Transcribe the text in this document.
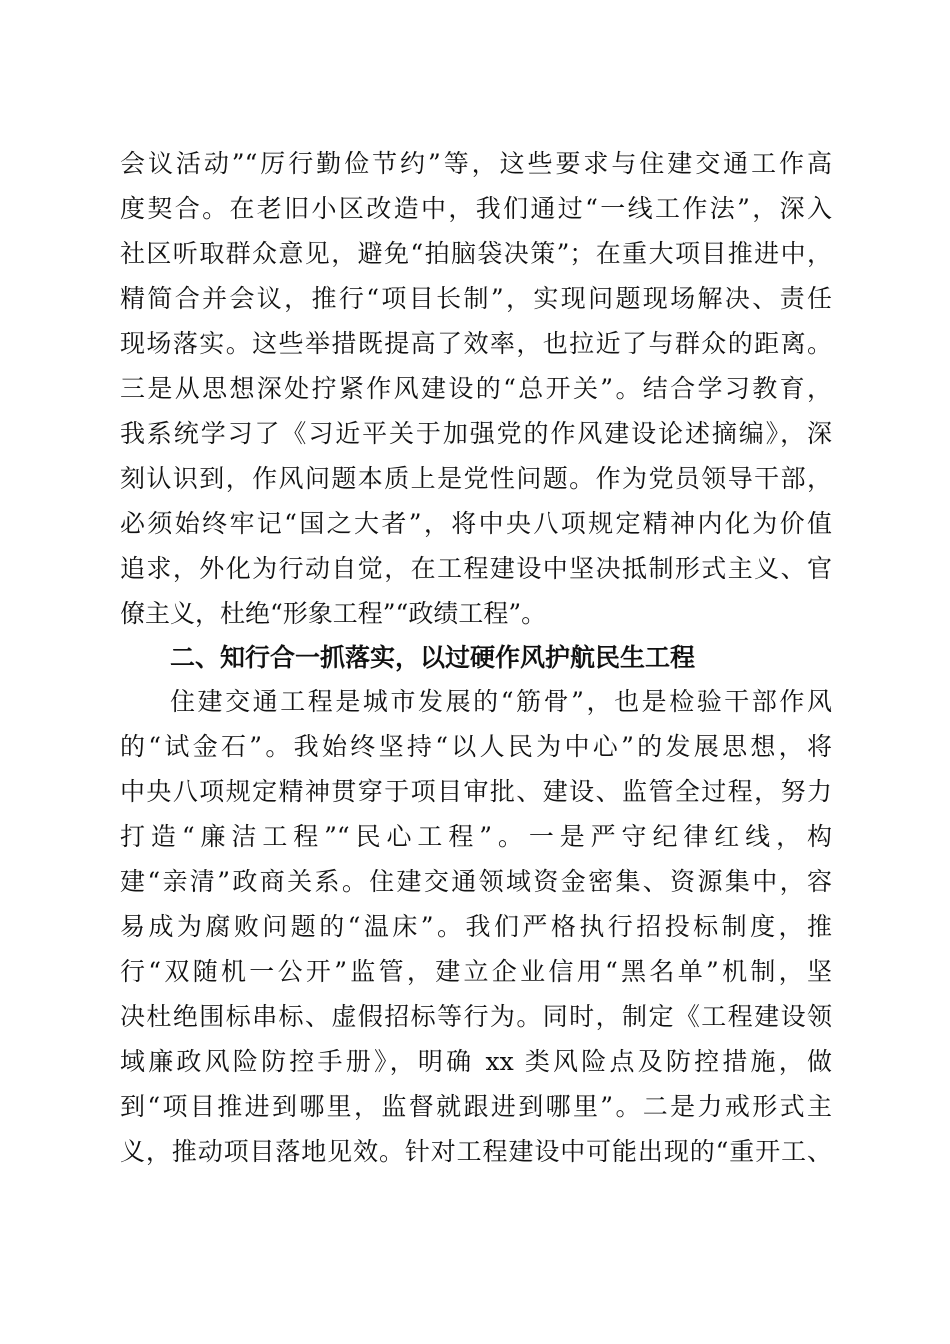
会议活动”“厉行勤俭节约”等，这些要求与住建交通工作高
度契合。在老旧小区改造中，我们通过“一线工作法”，深入
社区听取群众意见，避免“拍脑袋决策”；在重大项目推进中，
精简合并会议，推行“项目长制”，实现问题现场解决、责任
现场落实。这些举措既提高了效率，也拉近了与群众的距离。
三是从思想深处拧紧作风建设的“总开关”。结合学习教育，
我系统学习了《习近平关于加强党的作风建设论述摘编》，深
刻认识到，作风问题本质上是党性问题。作为党员领导干部，
必须始终牢记“国之大者”，将中央八项规定精神内化为价值
追求，外化为行动自觉，在工程建设中坚决抵制形式主义、官
僚主义，杜绝“形象工程”“政绩工程”。
二、知行合一抓落实，以过硬作风护航民生工程
住建交通工程是城市发展的“筋骨”，也是检验干部作风
的“试金石”。我始终坚持“以人民为中心”的发展思想，将
中央八项规定精神贯穿于项目审批、建设、监管全过程，努力
打造“廉洁工程”“民心工程”。一是严守纪律红线，构
建“亲清”政商关系。住建交通领域资金密集、资源集中，容
易成为腐败问题的“温床”。我们严格执行招投标制度，推
行“双随机一公开”监管，建立企业信用“黑名单”机制，坚
决杜绝围标串标、虚假招标等行为。同时，制定《工程建设领
域廉政风险防控手册》，明确 xx 类风险点及防控措施，做
到“项目推进到哪里，监督就跟进到哪里”。二是力戒形式主
义，推动项目落地见效。针对工程建设中可能出现的“重开工、
